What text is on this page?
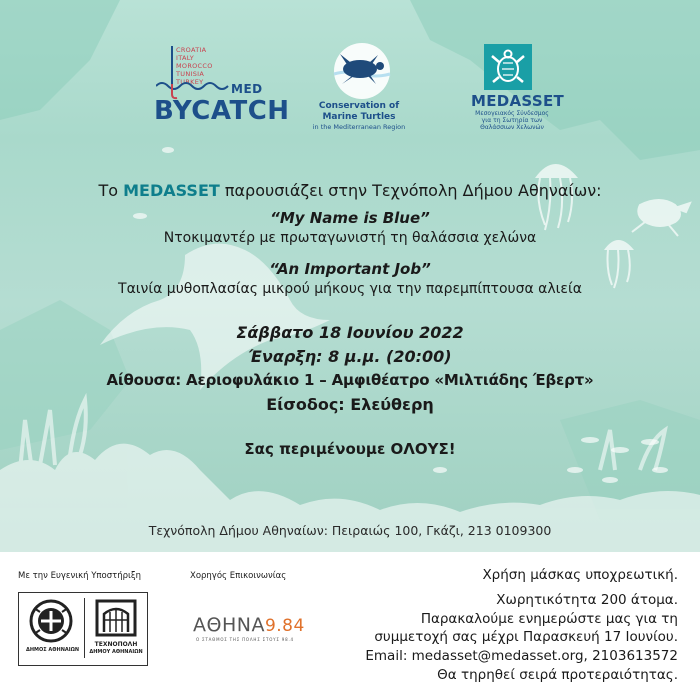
CROATIA
ITALY
MOROCCO
TUNISIA
TURKEY	MED
BYCATCH	Conservation of
Marine Turtles
in the Mediterranean Region
MEDASSET
Μεσογειακός Σύνδεσμος για τη Σωτηρία των Θαλάσσιων Χελωνών
Το MEDASSET παρουσιάζει στην Τεχνόπολη Δήμου Αθηναίων:
“My Name is Blue”
Ντοκιμαντέρ με πρωταγωνιστή τη θαλάσσια χελώνα
“An Important Job”
Ταινία μυθοπλασίας μικρού μήκους για την παρεμπίπτουσα αλιεία
Σάββατο 18 Ιουνίου 2022
Έναρξη: 8 μ.μ. (20:00)
Αίθουσα: Αεριοφυλάκιο 1 – Αμφιθέατρο «Μιλτιάδης Έβερτ»
Είσοδος: Ελεύθερη
Σας περιμένουμε ΟΛΟΥΣ!
Τεχνόπολη Δήμου Αθηναίων: Πειραιώς 100, Γκάζι, 213 0109300
Με την Ευγενική Υποστήριξη	Χορηγός Επικοινωνίας
ΔΗΜΟΣ ΑΘΗΝΑΙΩΝ
ΤΕΧΝΟΠΟΛΗ
ΔΗΜΟΥ ΑΘΗΝΑΙΩΝ
ΑΘΗΝΑ9.84
Ο ΣΤΑΘΜΟΣ ΤΗΣ ΠΟΛΗΣ ΣΤΟΥΣ 98.4
Χρήση μάσκας υποχρεωτική.
Χωρητικότητα 200 άτομα.
Παρακαλούμε ενημερώστε μας για τη
συμμετοχή σας μέχρι Παρασκευή 17 Ιουνίου.
Email: medasset@medasset.org, 2103613572
Θα τηρηθεί σειρά προτεραιότητας.
